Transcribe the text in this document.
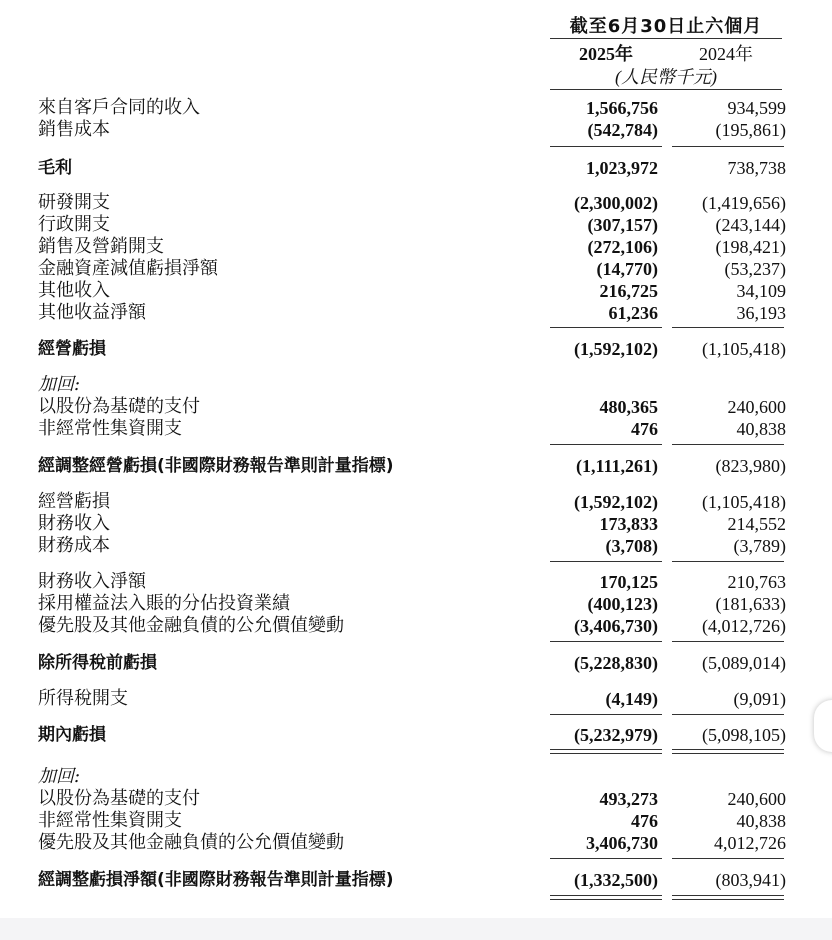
截至6月30日止六個月
2025年	2024年
(人民幣千元)
來自客戶合同的收入	1,566,756	934,599
銷售成本	(542,784)	(195,861)
毛利	1,023,972	738,738
研發開支	(2,300,002) (1,419,656)
行政開支	(307,157)	(243,144)
銷售及營銷開支	(272,106)	(198,421)
金融資產減值虧損淨額	(14,770)	(53,237)
其他收入	216,725	34,109
其他收益淨額	61,236	36,193
經營虧損	(1,592,102) (1,105,418)
加回:
以股份為基礎的支付	480,365	240,600
非經常性集資開支	476	40,838
經調整經營虧損(非國際財務報告準則計量指標)	(1,111,261)	(823,980)
經營虧損	(1,592,102) (1,105,418)
財務收入	173,833	214,552
財務成本	(3,708)	(3,789)
財務收入淨額	170,125	210,763
採用權益法入賬的分佔投資業績	(400,123)	(181,633)
優先股及其他金融負債的公允價值變動	(3,406,730) (4,012,726)
除所得稅前虧損	(5,228,830) (5,089,014)
所得稅開支	(4,149)	(9,091)
期內虧損	(5,232,979) (5,098,105)
加回:
以股份為基礎的支付	493,273	240,600
非經常性集資開支	476	40,838
優先股及其他金融負債的公允價值變動	3,406,730	4,012,726
經調整虧損淨額(非國際財務報告準則計量指標)	(1,332,500)	(803,941)
